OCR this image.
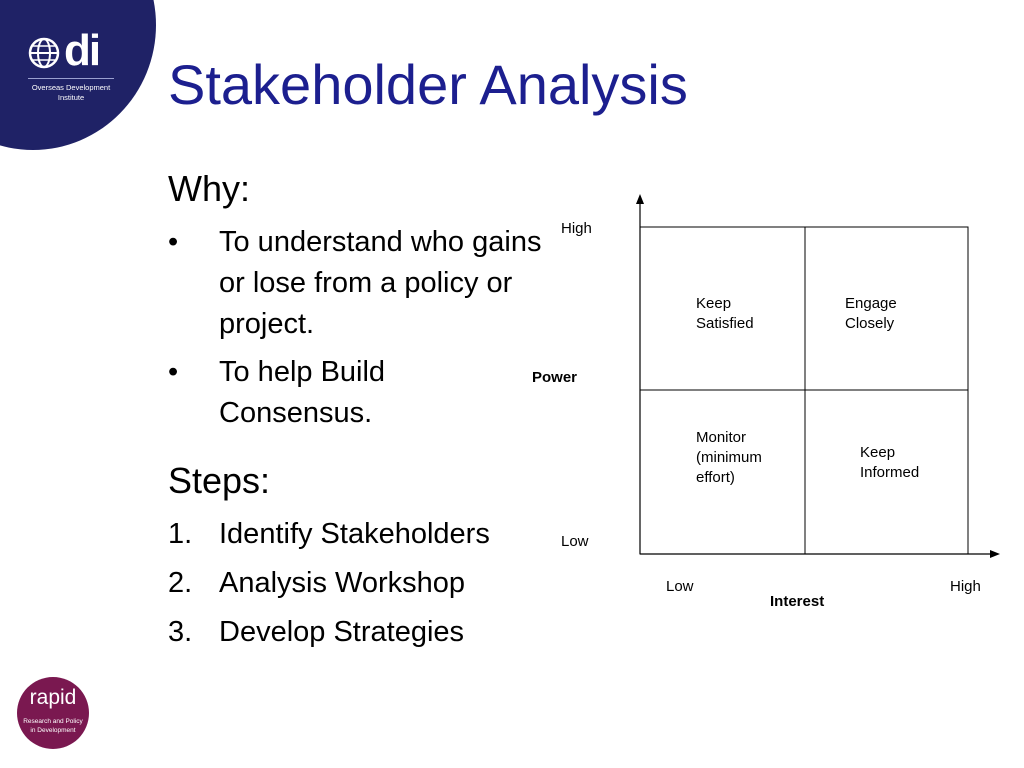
di
Overseas Development
Institute	Stakeholder Analysis
Why:
• To understand who gains or lose from a policy or project.
• To help Build Consensus.
Steps:
1. Identify Stakeholders
2. Analysis Workshop
3. Develop Strategies
High
Power
Low
Low
Interest
High
Keep Satisfied
Engage Closely
Monitor (minimum effort)
Keep Informed
rapid
Research and Policy
in Development
